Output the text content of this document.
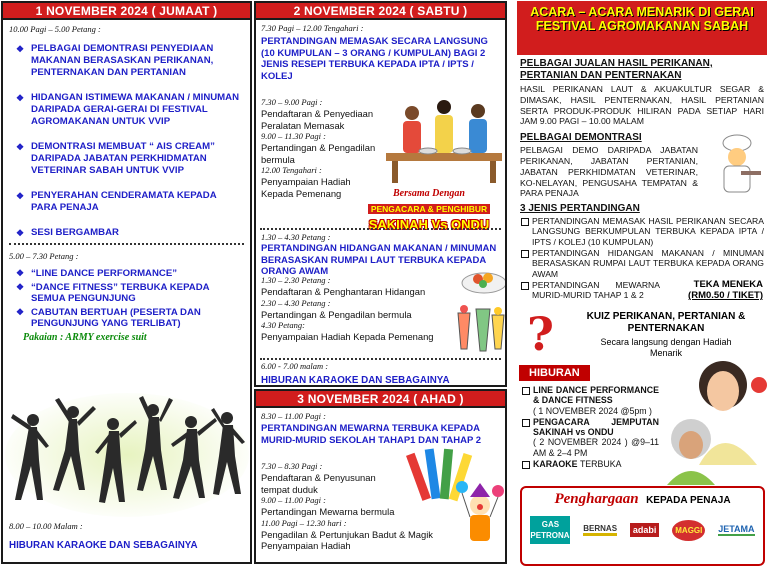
1 NOVEMBER 2024 ( JUMAAT )
10.00 Pagi – 5.00 Petang :
❖ PELBAGAI DEMONTRASI PENYEDIAAN MAKANAN BERASASKAN PERIKANAN, PENTERNAKAN DAN PERTANIAN
❖ HIDANGAN ISTIMEWA MAKANAN / MINUMAN DARIPADA GERAI-GERAI DI FESTIVAL AGROMAKANAN UNTUK VVIP
❖ DEMONTRASI MEMBUAT “ AIS CREAM” DARIPADA JABATAN PERKHIDMATAN VETERINAR SABAH UNTUK VVIP
❖ PENYERAHAN CENDERAMATA KEPADA PARA PENAJA
❖ SESI BERGAMBAR
5.00 – 7.30 Petang :
❖ “LINE DANCE PERFORMANCE”
❖ “DANCE FITNESS” TERBUKA KEPADA SEMUA PENGUNJUNG
❖ CABUTAN BERTUAH (PESERTA DAN PENGUNJUNG YANG TERLIBAT)
Pakaian : ARMY exercise suit
8.00 – 10.00 Malam :
HIBURAN KARAOKE DAN SEBAGAINYA
2 NOVEMBER 2024 ( SABTU )
7.30 Pagi – 12.00 Tengahari :
PERTANDINGAN MEMASAK SECARA LANGSUNG (10 KUMPULAN – 3 ORANG / KUMPULAN) BAGI 2 JENIS RESEPI TERBUKA KEPADA IPTA / IPTS / KOLEJ
7.30 – 9.00 Pagi :
Pendaftaran & Penyediaan Peralatan Memasak
9.00 – 11.30 Pagi :
Pertandingan & Pengadilan bermula
12.00 Tengahari :
Penyampaian Hadiah Kepada Pemenang	Bersama Dengan
PENGACARA & PENGHIBUR
SAKINAH Vs ONDU
1.30 – 4.30 Petang :
PERTANDINGAN HIDANGAN MAKANAN / MINUMAN BERASASKAN RUMPAI LAUT TERBUKA KEPADA ORANG AWAM
1.30 – 2.30 Petang :
Pendaftaran & Penghantaran Hidangan
2.30 – 4.30 Petang :
Pertandingan & Pengadilan bermula
4.30 Petang:
Penyampaian Hadiah Kepada Pemenang
6.00 - 7.00 malam :
HIBURAN KARAOKE DAN SEBAGAINYA
3 NOVEMBER 2024 ( AHAD )
8.30 – 11.00 Pagi :
PERTANDINGAN MEWARNA TERBUKA KEPADA MURID-MURID SEKOLAH TAHAP1 DAN TAHAP 2
7.30 – 8.30 Pagi :
Pendaftaran & Penyusunan tempat duduk
9.00 – 11.00 Pagi :
Pertandingan Mewarna bermula
11.00 Pagi – 12.30 hari :
Pengadilan & Pertunjukan Badut & Magik Penyampaian Hadiah
ACARA – ACARA MENARIK DI GERAI FESTIVAL AGROMAKANAN SABAH
PELBAGAI JUALAN HASIL PERIKANAN, PERTANIAN DAN PENTERNAKAN
HASIL PERIKANAN LAUT & AKUAKULTUR SEGAR & DIMASAK, HASIL PENTERNAKAN, HASIL PERTANIAN SERTA PRODUK-PRODUK HILIRAN PADA SETIAP HARI JAM 9.00 PAGI – 10.00 MALAM
PELBAGAI DEMONTRASI
PELBAGAI DEMO DARIPADA JABATAN PERIKANAN, JABATAN PERTANIAN, JABATAN PERKHIDMATAN VETERINAR, KO-NELAYAN, PENGUSAHA TEMPATAN & PARA PENAJA
3 JENIS PERTANDINGAN
PERTANDINGAN MEMASAK HASIL PERIKANAN SECARA LANGSUNG BERKUMPULAN TERBUKA KEPADA IPTA / IPTS / KOLEJ (10 KUMPULAN)
PERTANDINGAN HIDANGAN MAKANAN / MINUMAN BERASASKAN RUMPAI LAUT TERBUKA KEPADA ORANG AWAM
PERTANDINGAN MEWARNA MURID-MURID TAHAP 1 & 2
TEKA MENEKA
(RM0.50 / TIKET)
?	KUIZ PERIKANAN, PERTANIAN & PENTERNAKAN
Secara langsung dengan Hadiah Menarik
HIBURAN
LINE DANCE PERFORMANCE & DANCE FITNESS
( 1 NOVEMBER 2024 @5pm )
PENGACARA JEMPUTAN SAKINAH vs ONDU
( 2 NOVEMBER 2024 ) @9–11 AM & 2–4 PM
KARAOKE TERBUKA
Penghargaan KEPADA PENAJA
GAS PETRONAS
BERNAS	adabi	MAGGI	JETAMA
